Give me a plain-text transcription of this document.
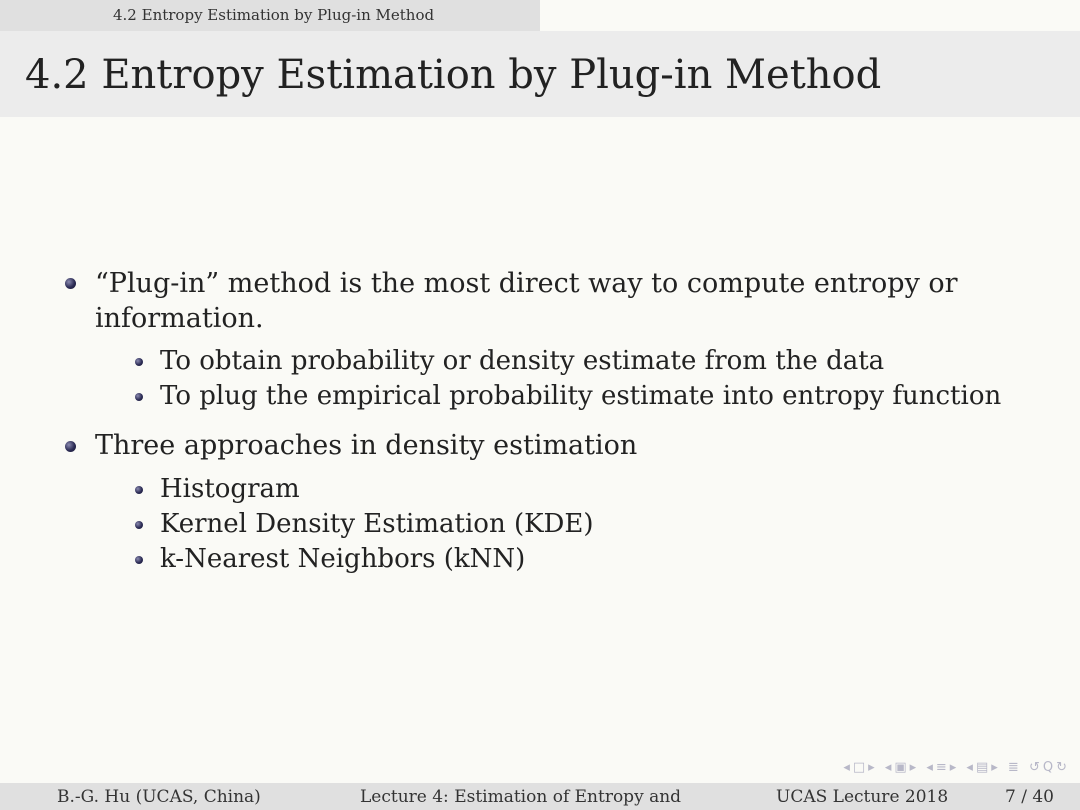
4.2 Entropy Estimation by Plug-in Method
4.2 Entropy Estimation by Plug-in Method
“Plug-in” method is the most direct way to compute entropy or
information.
To obtain probability or density estimate from the data
To plug the empirical probability estimate into entropy function
Three approaches in density estimation
Histogram
Kernel Density Estimation (KDE)
k-Nearest Neighbors (kNN)
◂□▸ ◂▣▸ ◂≡▸ ◂▤▸ ≣ ↺Q↻
B.-G. Hu (UCAS, China)	Lecture 4: Estimation of Entropy and	UCAS Lecture 2018	7 / 40
